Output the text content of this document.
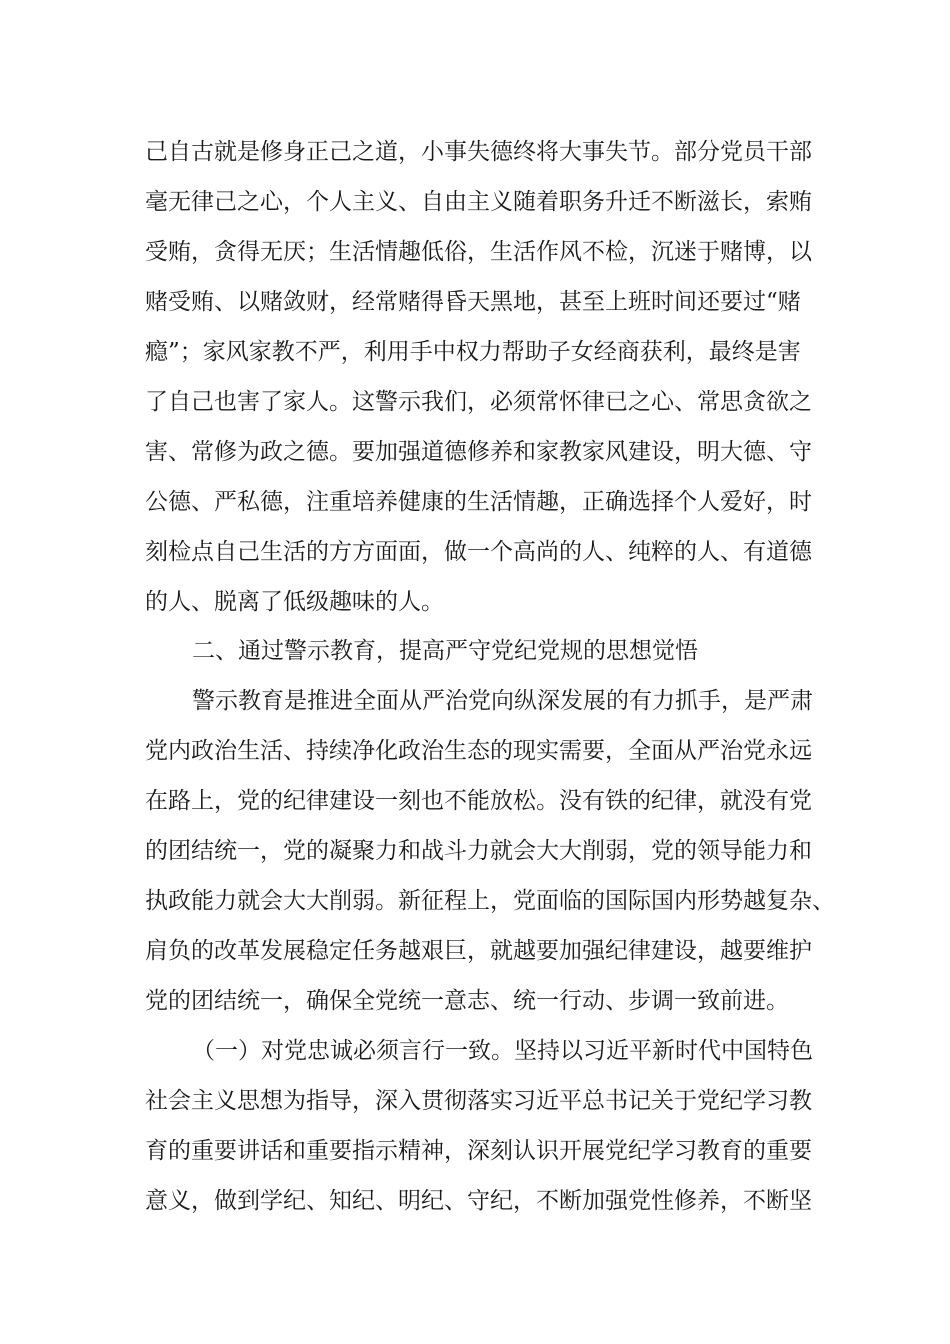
己自古就是修身正己之道，小事失德终将大事失节。部分党员干部
毫无律己之心，个人主义、自由主义随着职务升迁不断滋长，索贿
受贿，贪得无厌；生活情趣低俗，生活作风不检，沉迷于赌博，以
赌受贿、以赌敛财，经常赌得昏天黑地，甚至上班时间还要过“赌
瘾”；家风家教不严，利用手中权力帮助子女经商获利，最终是害
了自己也害了家人。这警示我们，必须常怀律已之心、常思贪欲之
害、常修为政之德。要加强道德修养和家教家风建设，明大德、守
公德、严私德，注重培养健康的生活情趣，正确选择个人爱好，时
刻检点自己生活的方方面面，做一个高尚的人、纯粹的人、有道德
的人、脱离了低级趣味的人。
二、通过警示教育，提高严守党纪党规的思想觉悟
警示教育是推进全面从严治党向纵深发展的有力抓手，是严肃
党内政治生活、持续净化政治生态的现实需要，全面从严治党永远
在路上，党的纪律建设一刻也不能放松。没有铁的纪律，就没有党
的团结统一，党的凝聚力和战斗力就会大大削弱，党的领导能力和
执政能力就会大大削弱。新征程上，党面临的国际国内形势越复杂、
肩负的改革发展稳定任务越艰巨，就越要加强纪律建设，越要维护
党的团结统一，确保全党统一意志、统一行动、步调一致前进。
（一）对党忠诚必须言行一致。坚持以习近平新时代中国特色
社会主义思想为指导，深入贯彻落实习近平总书记关于党纪学习教
育的重要讲话和重要指示精神，深刻认识开展党纪学习教育的重要
意义，做到学纪、知纪、明纪、守纪，不断加强党性修养，不断坚
